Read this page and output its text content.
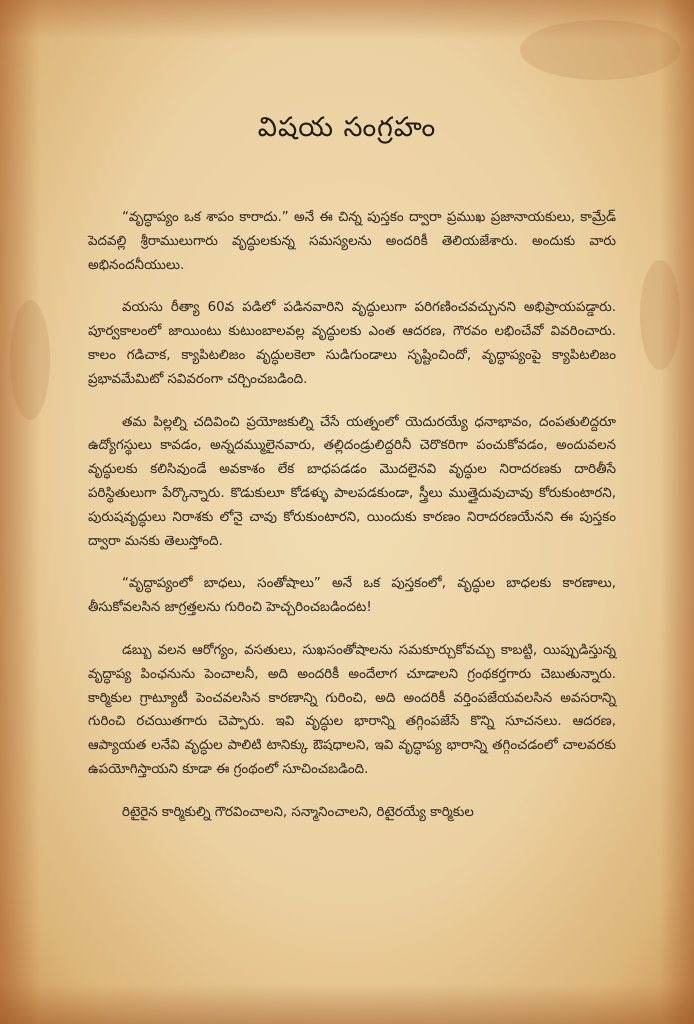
విషయ సంగ్రహం

“వృద్ధాప్యం ఒక శాపం కారాదు.” అనే ఈ చిన్న పుస్తకం ద్వారా ప్రముఖ ప్రజానాయకులు, కామ్రేడ్ పెదవల్లి శ్రీరాములుగారు వృద్ధులకున్న సమస్యలను అందరికీ తెలియజేశారు. అందుకు వారు అభినందనీయులు.

వయసు రీత్యా 60వ పడిలో పడినవారిని వృద్ధులుగా పరిగణించవచ్చునని అభిప్రాయపడ్డారు. పూర్వకాలంలో జాయింటు కుటుంబాలవల్ల వృద్ధులకు ఎంత ఆదరణ, గౌరవం లభించేవో వివరించారు. కాలం గడిచాక, క్యాపిటలిజం వృద్ధులకెలా సుడిగుండాలు సృష్టించిందో, వృద్ధాప్యంపై క్యాపిటలిజం ప్రభావమేమిటో సవివరంగా చర్చించబడింది.

తమ పిల్లల్ని చదివించి ప్రయోజకుల్ని చేసే యత్నంలో యెదురయ్యే ధనాభావం, దంపతులిద్దరూ ఉద్యోగస్థులు కావడం, అన్నదమ్ములైనవారు, తల్లిదండ్రులిద్దరినీ చెరొకరిగా పంచుకోవడం, అందువలన వృద్ధులకు కలిసివుండే అవకాశం లేక బాధపడడం మొదలైనవి వృద్ధుల నిరాదరణకు దారితీసే పరిస్థితులుగా పేర్కొన్నారు. కొడుకులూ కోడళ్ళు పాలపడకుండా, స్త్రీలు ముత్తైదువుచావు కోరుకుంటారని, పురుషవృద్ధులు నిరాశకు లోనై చావు కోరుకుంటారని, యిందుకు కారణం నిరాదరణయేనని ఈ పుస్తకం ద్వారా మనకు తెలుస్తోంది.

“వృద్ధాప్యంలో బాధలు, సంతోషాలు” అనే ఒక పుస్తకంలో, వృద్ధుల బాధలకు కారణాలు, తీసుకోవలసిన జాగ్రత్తలను గురించి హెచ్చరించబడిందట!

డబ్బు వలన ఆరోగ్యం, వసతులు, సుఖసంతోషాలను సమకూర్చుకోవచ్చు కాబట్టి, యిప్పుడిస్తున్న వృద్ధాప్య పింఛనును పెంచాలనీ, అది అందరికీ అందేలాగ చూడాలని గ్రంథకర్తగారు చెబుతున్నారు. కార్మికుల గ్రాట్యూటీ పెంచవలసిన కారణాన్ని గురించి, అది అందరికీ వర్తింపజేయవలసిన అవసరాన్ని గురించి రచయితగారు చెప్పారు. ఇవి వృద్ధుల భారాన్ని తగ్గింపజేసే కొన్ని సూచనలు. ఆదరణ, ఆప్యాయత లనేవి వృద్ధుల పాలిటి టానిక్కు ఔషధాలని, ఇవి వృద్ధాప్య భారాన్ని తగ్గించడంలో చాలవరకు ఉపయోగిస్తాయని కూడా ఈ గ్రంథంలో సూచించబడింది.

రిటైరైన కార్మికుల్ని గౌరవించాలని, సన్మానించాలని, రిటైరయ్యే కార్మికుల
